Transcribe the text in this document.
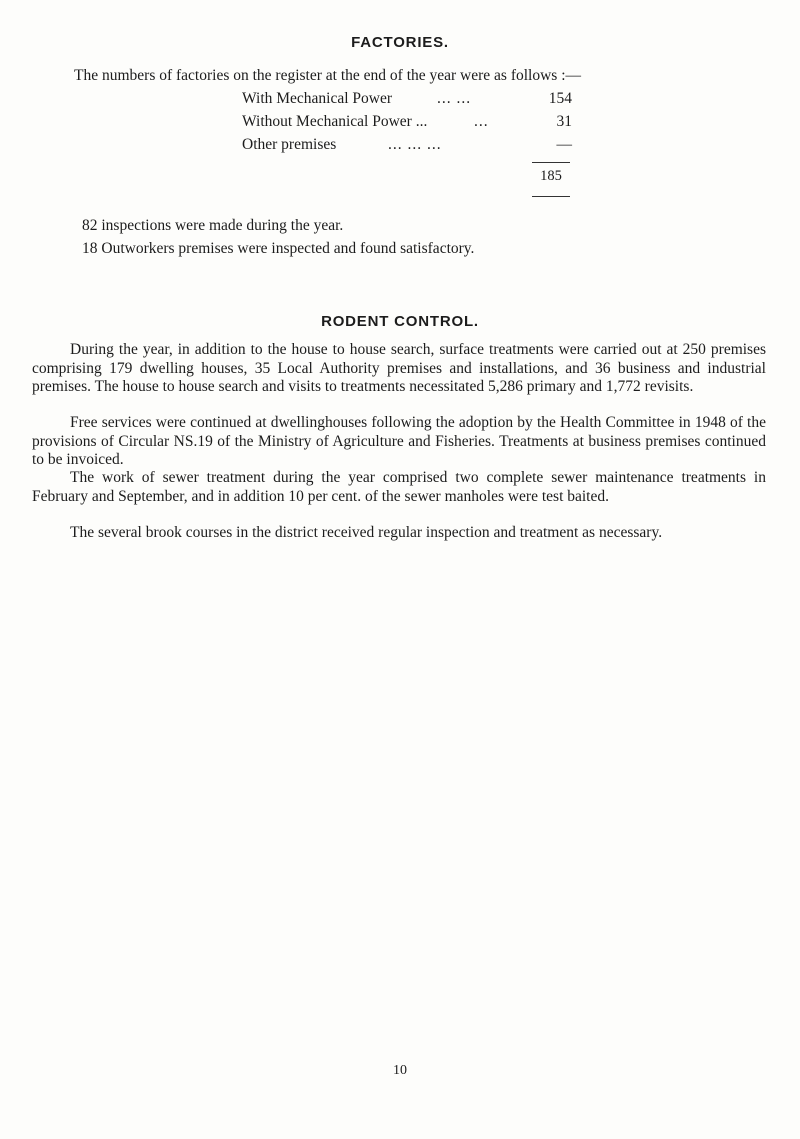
FACTORIES.
The numbers of factories on the register at the end of the year were as follows :—
With Mechanical Power	... ...	154
Without Mechanical Power ...	...	31
Other premises	... ... ...	—
185
82 inspections were made during the year.
18 Outworkers premises were inspected and found satisfactory.
RODENT CONTROL.

During the year, in addition to the house to house search, surface treatments were carried out at 250 premises comprising 179 dwelling houses, 35 Local Authority premises and installations, and 36 business and industrial premises. The house to house search and visits to treatments necessitated 5,286 primary and 1,772 revisits.

Free services were continued at dwellinghouses following the adoption by the Health Committee in 1948 of the provisions of Circular NS.19 of the Ministry of Agriculture and Fisheries. Treatments at business premises continued to be invoiced.

The work of sewer treatment during the year comprised two complete sewer maintenance treatments in February and September, and in addition 10 per cent. of the sewer manholes were test baited.

The several brook courses in the district received regular inspection and treatment as necessary.

10
